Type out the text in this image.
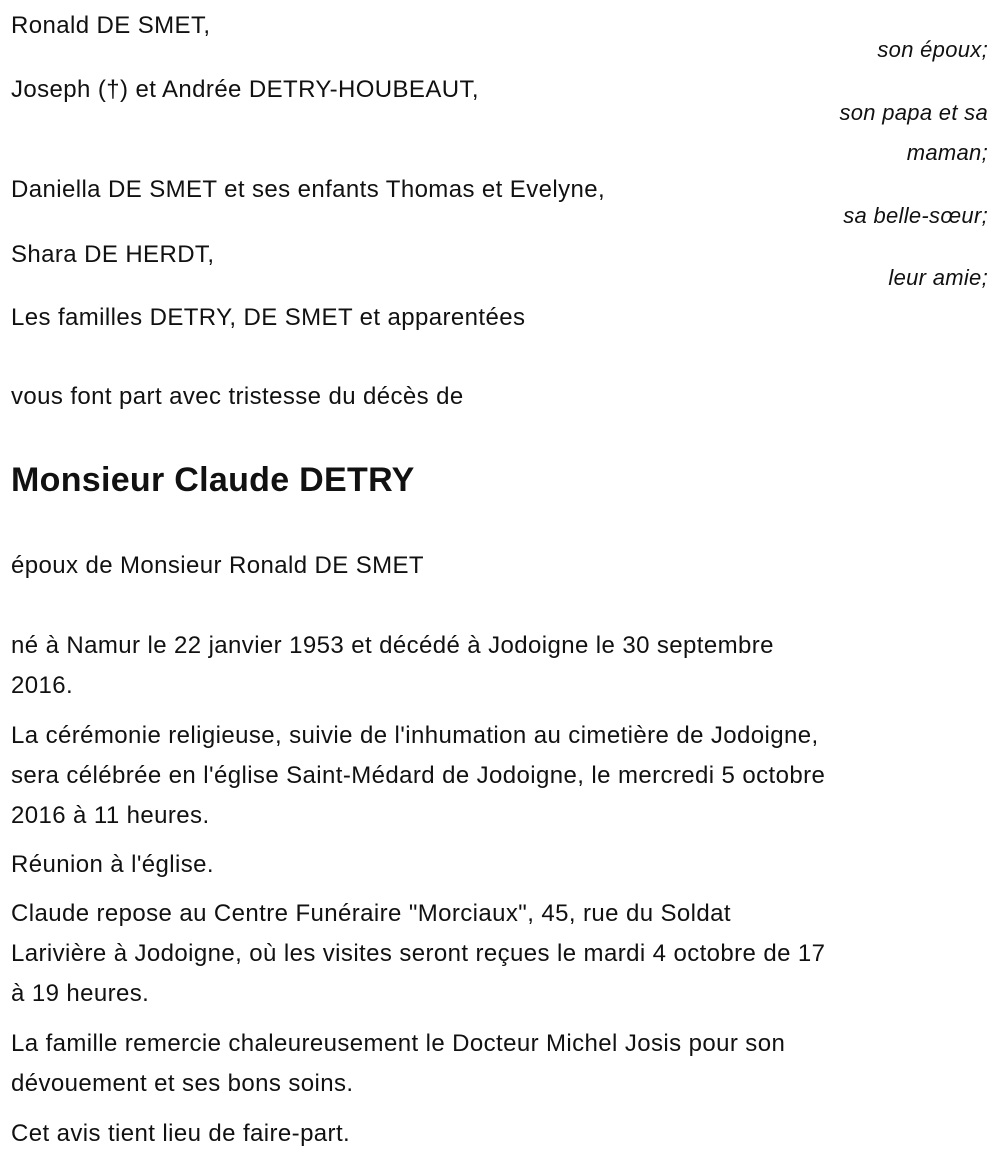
Ronald DE SMET,
son époux;
Joseph (†) et Andrée DETRY-HOUBEAUT,
son papa et sa
maman;
Daniella DE SMET et ses enfants Thomas et Evelyne,
sa belle-sœur;
Shara DE HERDT,
leur amie;
Les familles DETRY, DE SMET et apparentées
vous font part avec tristesse du décès de
Monsieur Claude DETRY
époux de Monsieur Ronald DE SMET
né à Namur le 22 janvier 1953 et décédé à Jodoigne le 30 septembre
2016.
La cérémonie religieuse, suivie de l'inhumation au cimetière de Jodoigne,
sera célébrée en l'église Saint-Médard de Jodoigne, le mercredi 5 octobre
2016 à 11 heures.
Réunion à l'église.
Claude repose au Centre Funéraire "Morciaux", 45, rue du Soldat
Larivière à Jodoigne, où les visites seront reçues le mardi 4 octobre de 17
à 19 heures.
La famille remercie chaleureusement le Docteur Michel Josis pour son
dévouement et ses bons soins.
Cet avis tient lieu de faire-part.
